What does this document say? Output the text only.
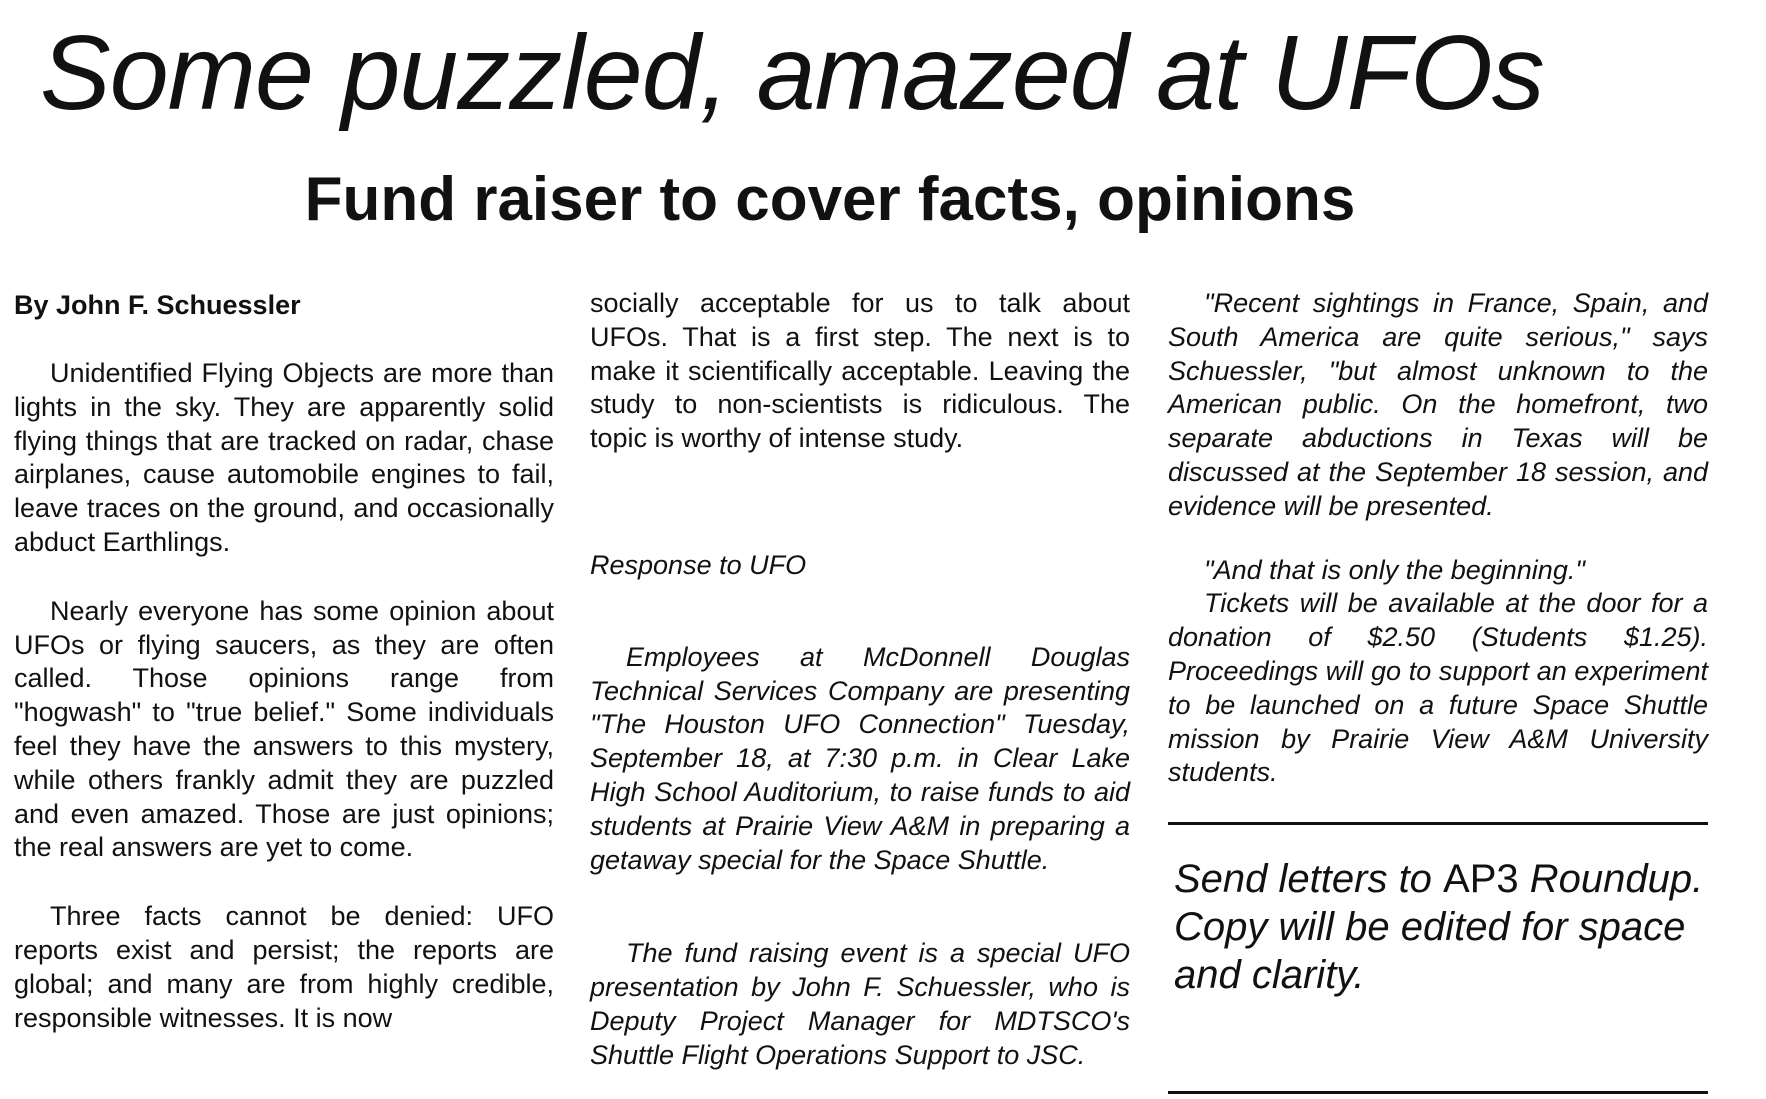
Some puzzled, amazed at UFOs
Fund raiser to cover facts, opinions

By John F. Schuessler

Unidentified Flying Objects are more than lights in the sky. They are apparently solid flying things that are tracked on radar, chase airplanes, cause automobile engines to fail, leave traces on the ground, and occasionally abduct Earthlings.

Nearly everyone has some opinion about UFOs or flying saucers, as they are often called. Those opinions range from "hogwash" to "true belief." Some individuals feel they have the answers to this mystery, while others frankly admit they are puzzled and even amazed. Those are just opinions; the real answers are yet to come.

Three facts cannot be denied: UFO reports exist and persist; the reports are global; and many are from highly credible, responsible witnesses. It is now

socially acceptable for us to talk about UFOs. That is a first step. The next is to make it scientifically acceptable. Leaving the study to non-scientists is ridiculous. The topic is worthy of intense study.

Response to UFO

Employees at McDonnell Douglas Technical Services Company are presenting "The Houston UFO Connection" Tuesday, September 18, at 7:30 p.m. in Clear Lake High School Auditorium, to raise funds to aid students at Prairie View A&M in preparing a getaway special for the Space Shuttle.

The fund raising event is a special UFO presentation by John F. Schuessler, who is Deputy Project Manager for MDTSCO's Shuttle Flight Operations Support to JSC.

"Recent sightings in France, Spain, and South America are quite serious," says Schuessler, "but almost unknown to the American public. On the homefront, two separate abductions in Texas will be discussed at the September 18 session, and evidence will be presented.

"And that is only the beginning."

Tickets will be available at the door for a donation of $2.50 (Students $1.25). Proceedings will go to support an experiment to be launched on a future Space Shuttle mission by Prairie View A&M University students.

Send letters to AP3 Roundup. Copy will be edited for space and clarity.
